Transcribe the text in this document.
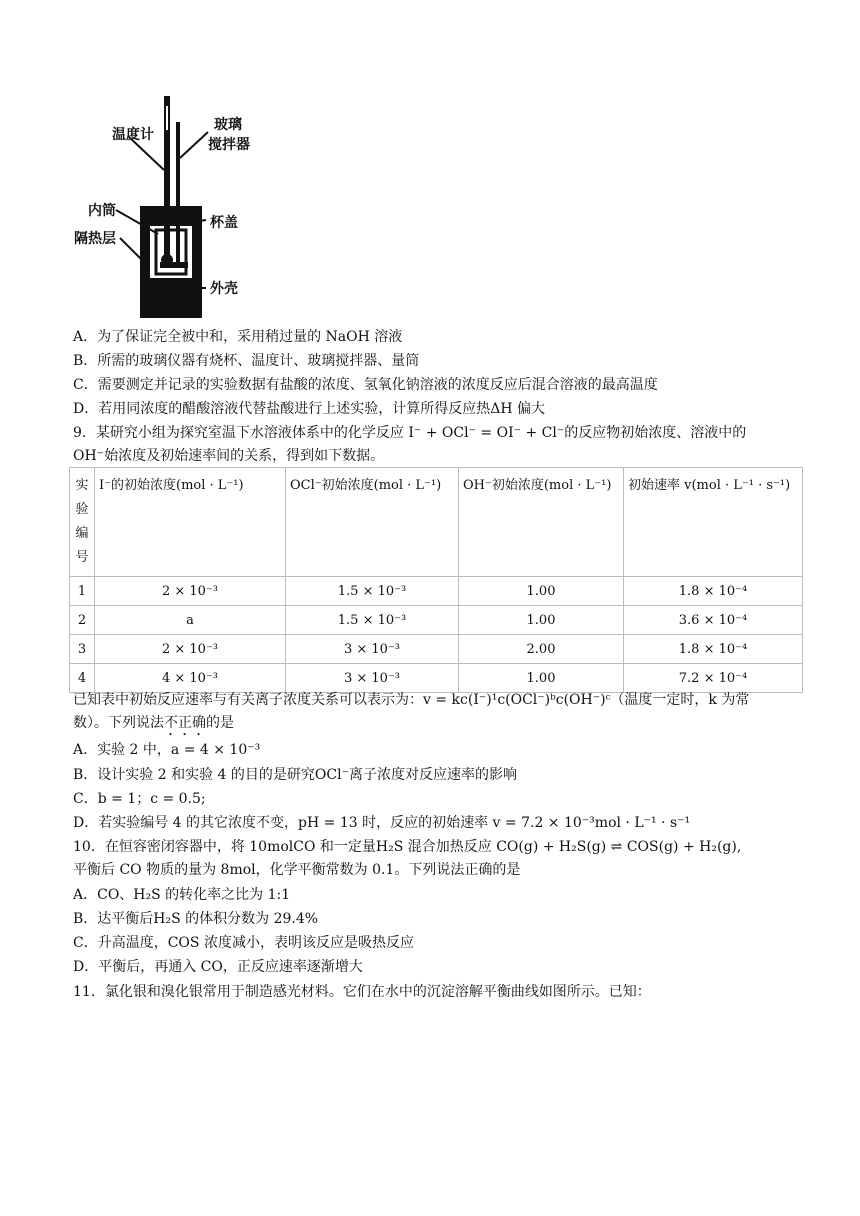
温度计
玻璃
搅拌器
内筒
隔热层
杯盖
外壳
A．为了保证完全被中和，采用稍过量的 NaOH 溶液
B．所需的玻璃仪器有烧杯、温度计、玻璃搅拌器、量筒
C．需要测定并记录的实验数据有盐酸的浓度、氢氧化钠溶液的浓度反应后混合溶液的最高温度
D．若用同浓度的醋酸溶液代替盐酸进行上述实验，计算所得反应热ΔH 偏大
9．某研究小组为探究室温下水溶液体系中的化学反应 I⁻ + OCl⁻ = OI⁻ + Cl⁻的反应物初始浓度、溶液中的
OH⁻始浓度及初始速率间的关系，得到如下数据。
实验编号	I⁻的初始浓度(mol · L⁻¹)	OCl⁻初始浓度(mol · L⁻¹)	OH⁻初始浓度(mol · L⁻¹)	初始速率 v(mol · L⁻¹ · s⁻¹)
1	2 × 10⁻³	1.5 × 10⁻³	1.00	1.8 × 10⁻⁴
2	a	1.5 × 10⁻³	1.00	3.6 × 10⁻⁴
3	2 × 10⁻³	3 × 10⁻³	2.00	1.8 × 10⁻⁴
4	4 × 10⁻³	3 × 10⁻³	1.00	7.2 × 10⁻⁴
已知表中初始反应速率与有关离子浓度关系可以表示为：v = kc(I⁻)¹c(OCl⁻)ᵇc(OH⁻)ᶜ（温度一定时，k 为常
数）。下列说法不正确的是
A．实验 2 中，a = 4 × 10⁻³
B．设计实验 2 和实验 4 的目的是研究OCl⁻离子浓度对反应速率的影响
C．b = 1；c = 0.5;
D．若实验编号 4 的其它浓度不变，pH = 13 时，反应的初始速率 v = 7.2 × 10⁻³mol · L⁻¹ · s⁻¹
10．在恒容密闭容器中，将 10molCO 和一定量H₂S 混合加热反应 CO(g) + H₂S(g) ⇌ COS(g) + H₂(g),
平衡后 CO 物质的量为 8mol，化学平衡常数为 0.1。下列说法正确的是
A．CO、H₂S 的转化率之比为 1:1
B．达平衡后H₂S 的体积分数为 29.4%
C．升高温度，COS 浓度减小，表明该反应是吸热反应
D．平衡后，再通入 CO，正反应速率逐渐增大
11．氯化银和溴化银常用于制造感光材料。它们在水中的沉淀溶解平衡曲线如图所示。已知：
